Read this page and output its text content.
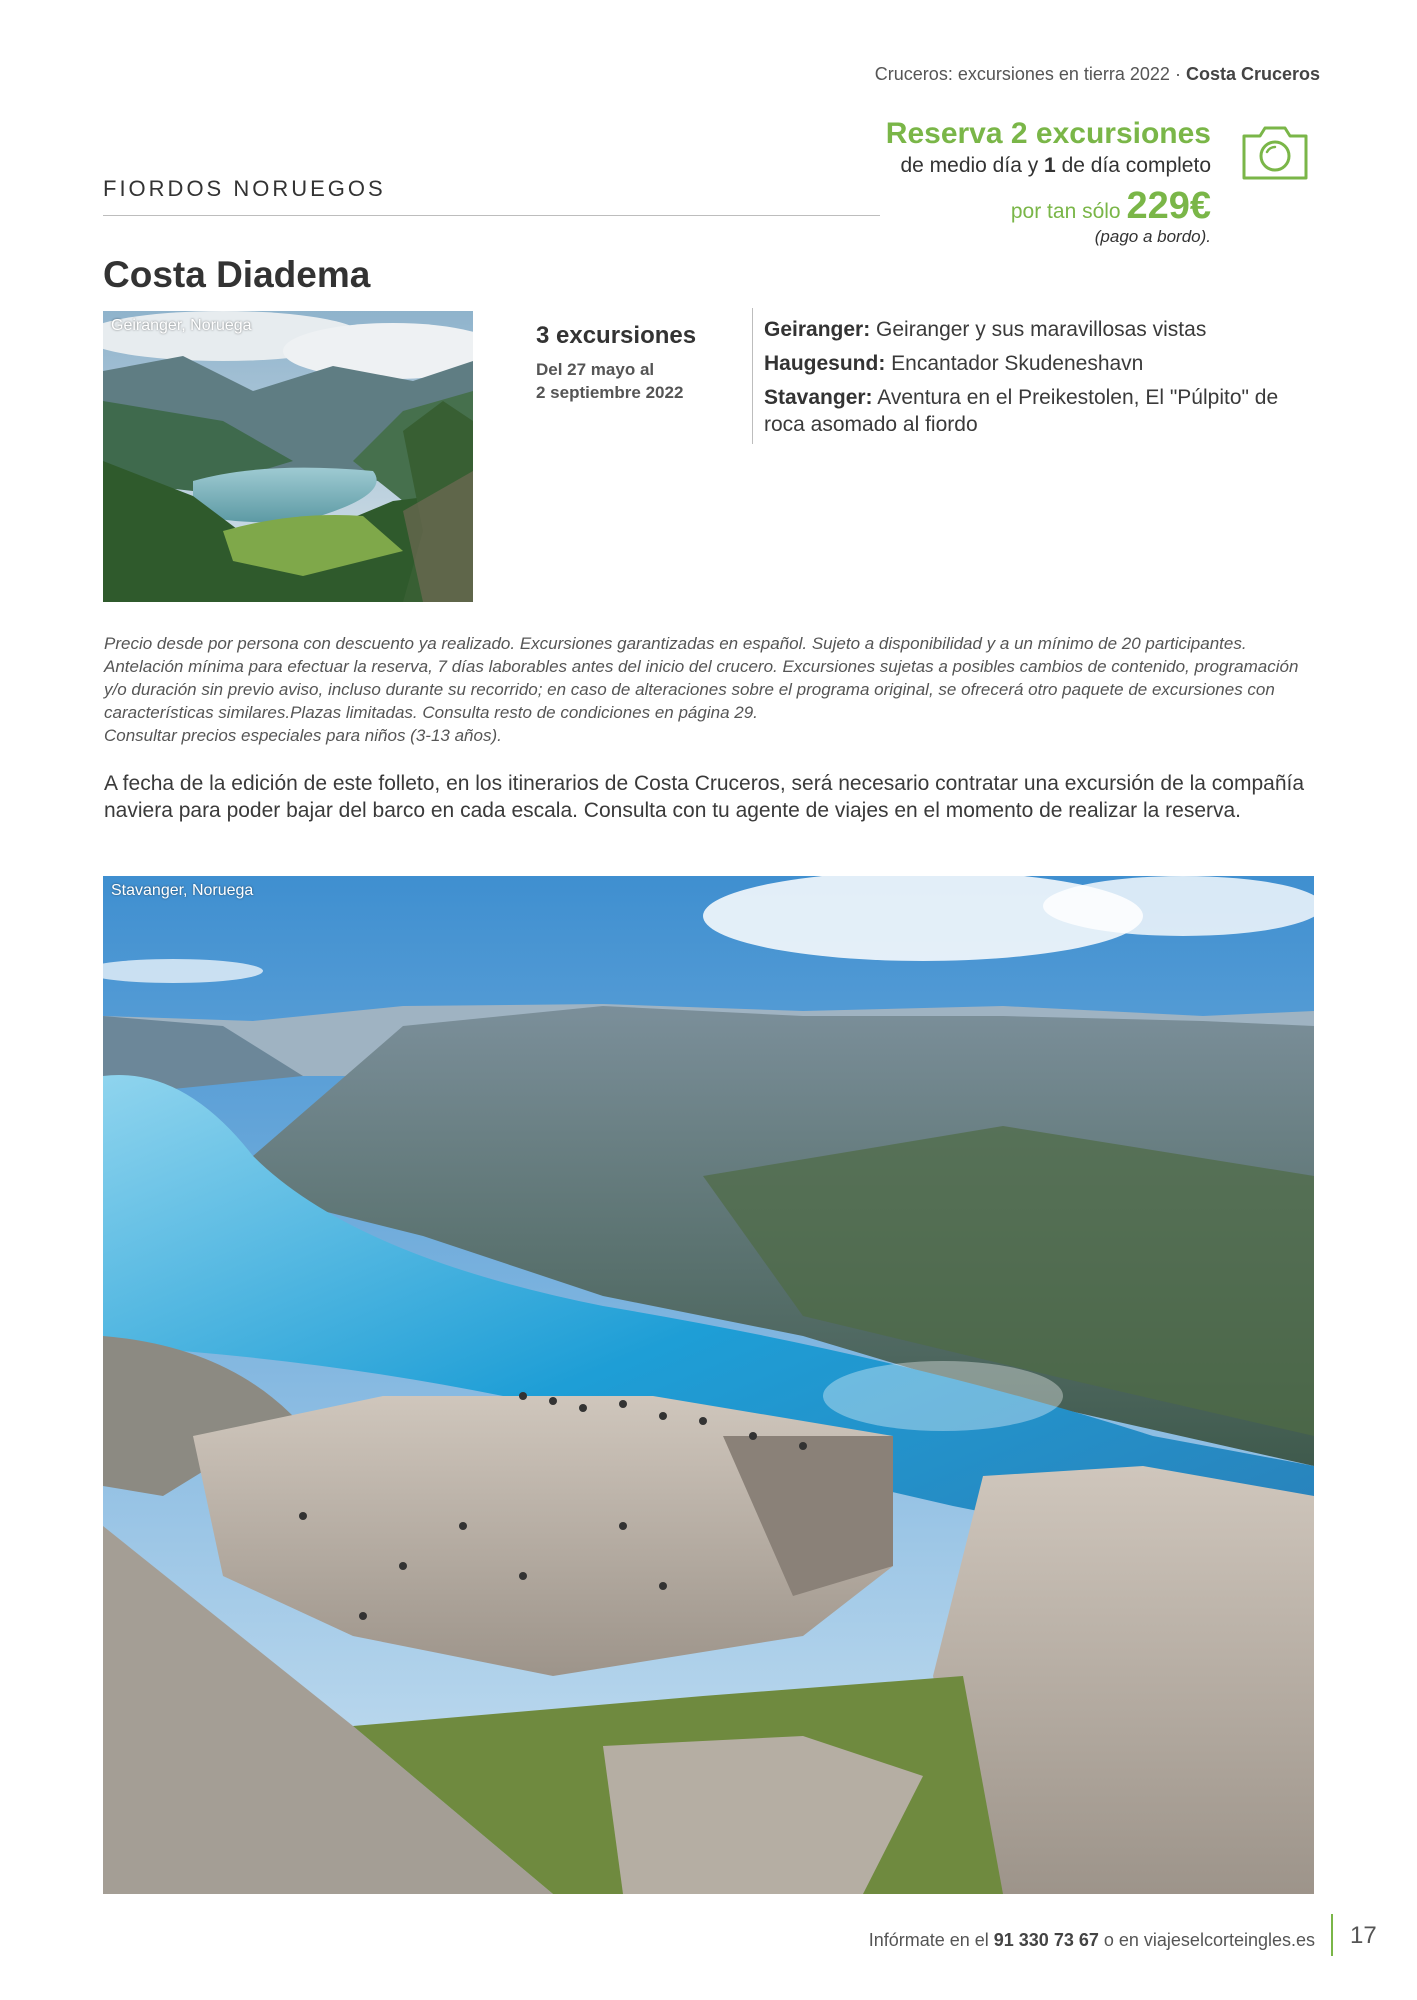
Cruceros: excursiones en tierra 2022 · Costa Cruceros
FIORDOS NORUEGOS
Reserva 2 excursiones
de medio día y 1 de día completo
por tan sólo 229€
(pago a bordo).
Costa Diadema
Geiranger, Noruega	3 excursiones
Del 27 mayo al
2 septiembre 2022
Geiranger: Geiranger y sus maravillosas vistas
Haugesund: Encantador Skudeneshavn
Stavanger: Aventura en el Preikestolen, El "Púlpito" de roca asomado al fiordo
Precio desde por persona con descuento ya realizado. Excursiones garantizadas en español. Sujeto a disponibilidad y a un mínimo de 20 participantes. Antelación mínima para efectuar la reserva, 7 días laborables antes del inicio del crucero. Excursiones sujetas a posibles cambios de contenido, programación y/o duración sin previo aviso, incluso durante su recorrido; en caso de alteraciones sobre el programa original, se ofrecerá otro paquete de excursiones con características similares.Plazas limitadas. Consulta resto de condiciones en página 29.
Consultar precios especiales para niños (3-13 años).
A fecha de la edición de este folleto, en los itinerarios de Costa Cruceros, será necesario contratar una excursión de la compañía naviera para poder bajar del barco en cada escala. Consulta con tu agente de viajes en el momento de realizar la reserva.
Stavanger, Noruega
Infórmate en el 91 330 73 67 o en viajeselcorteingles.es 17
